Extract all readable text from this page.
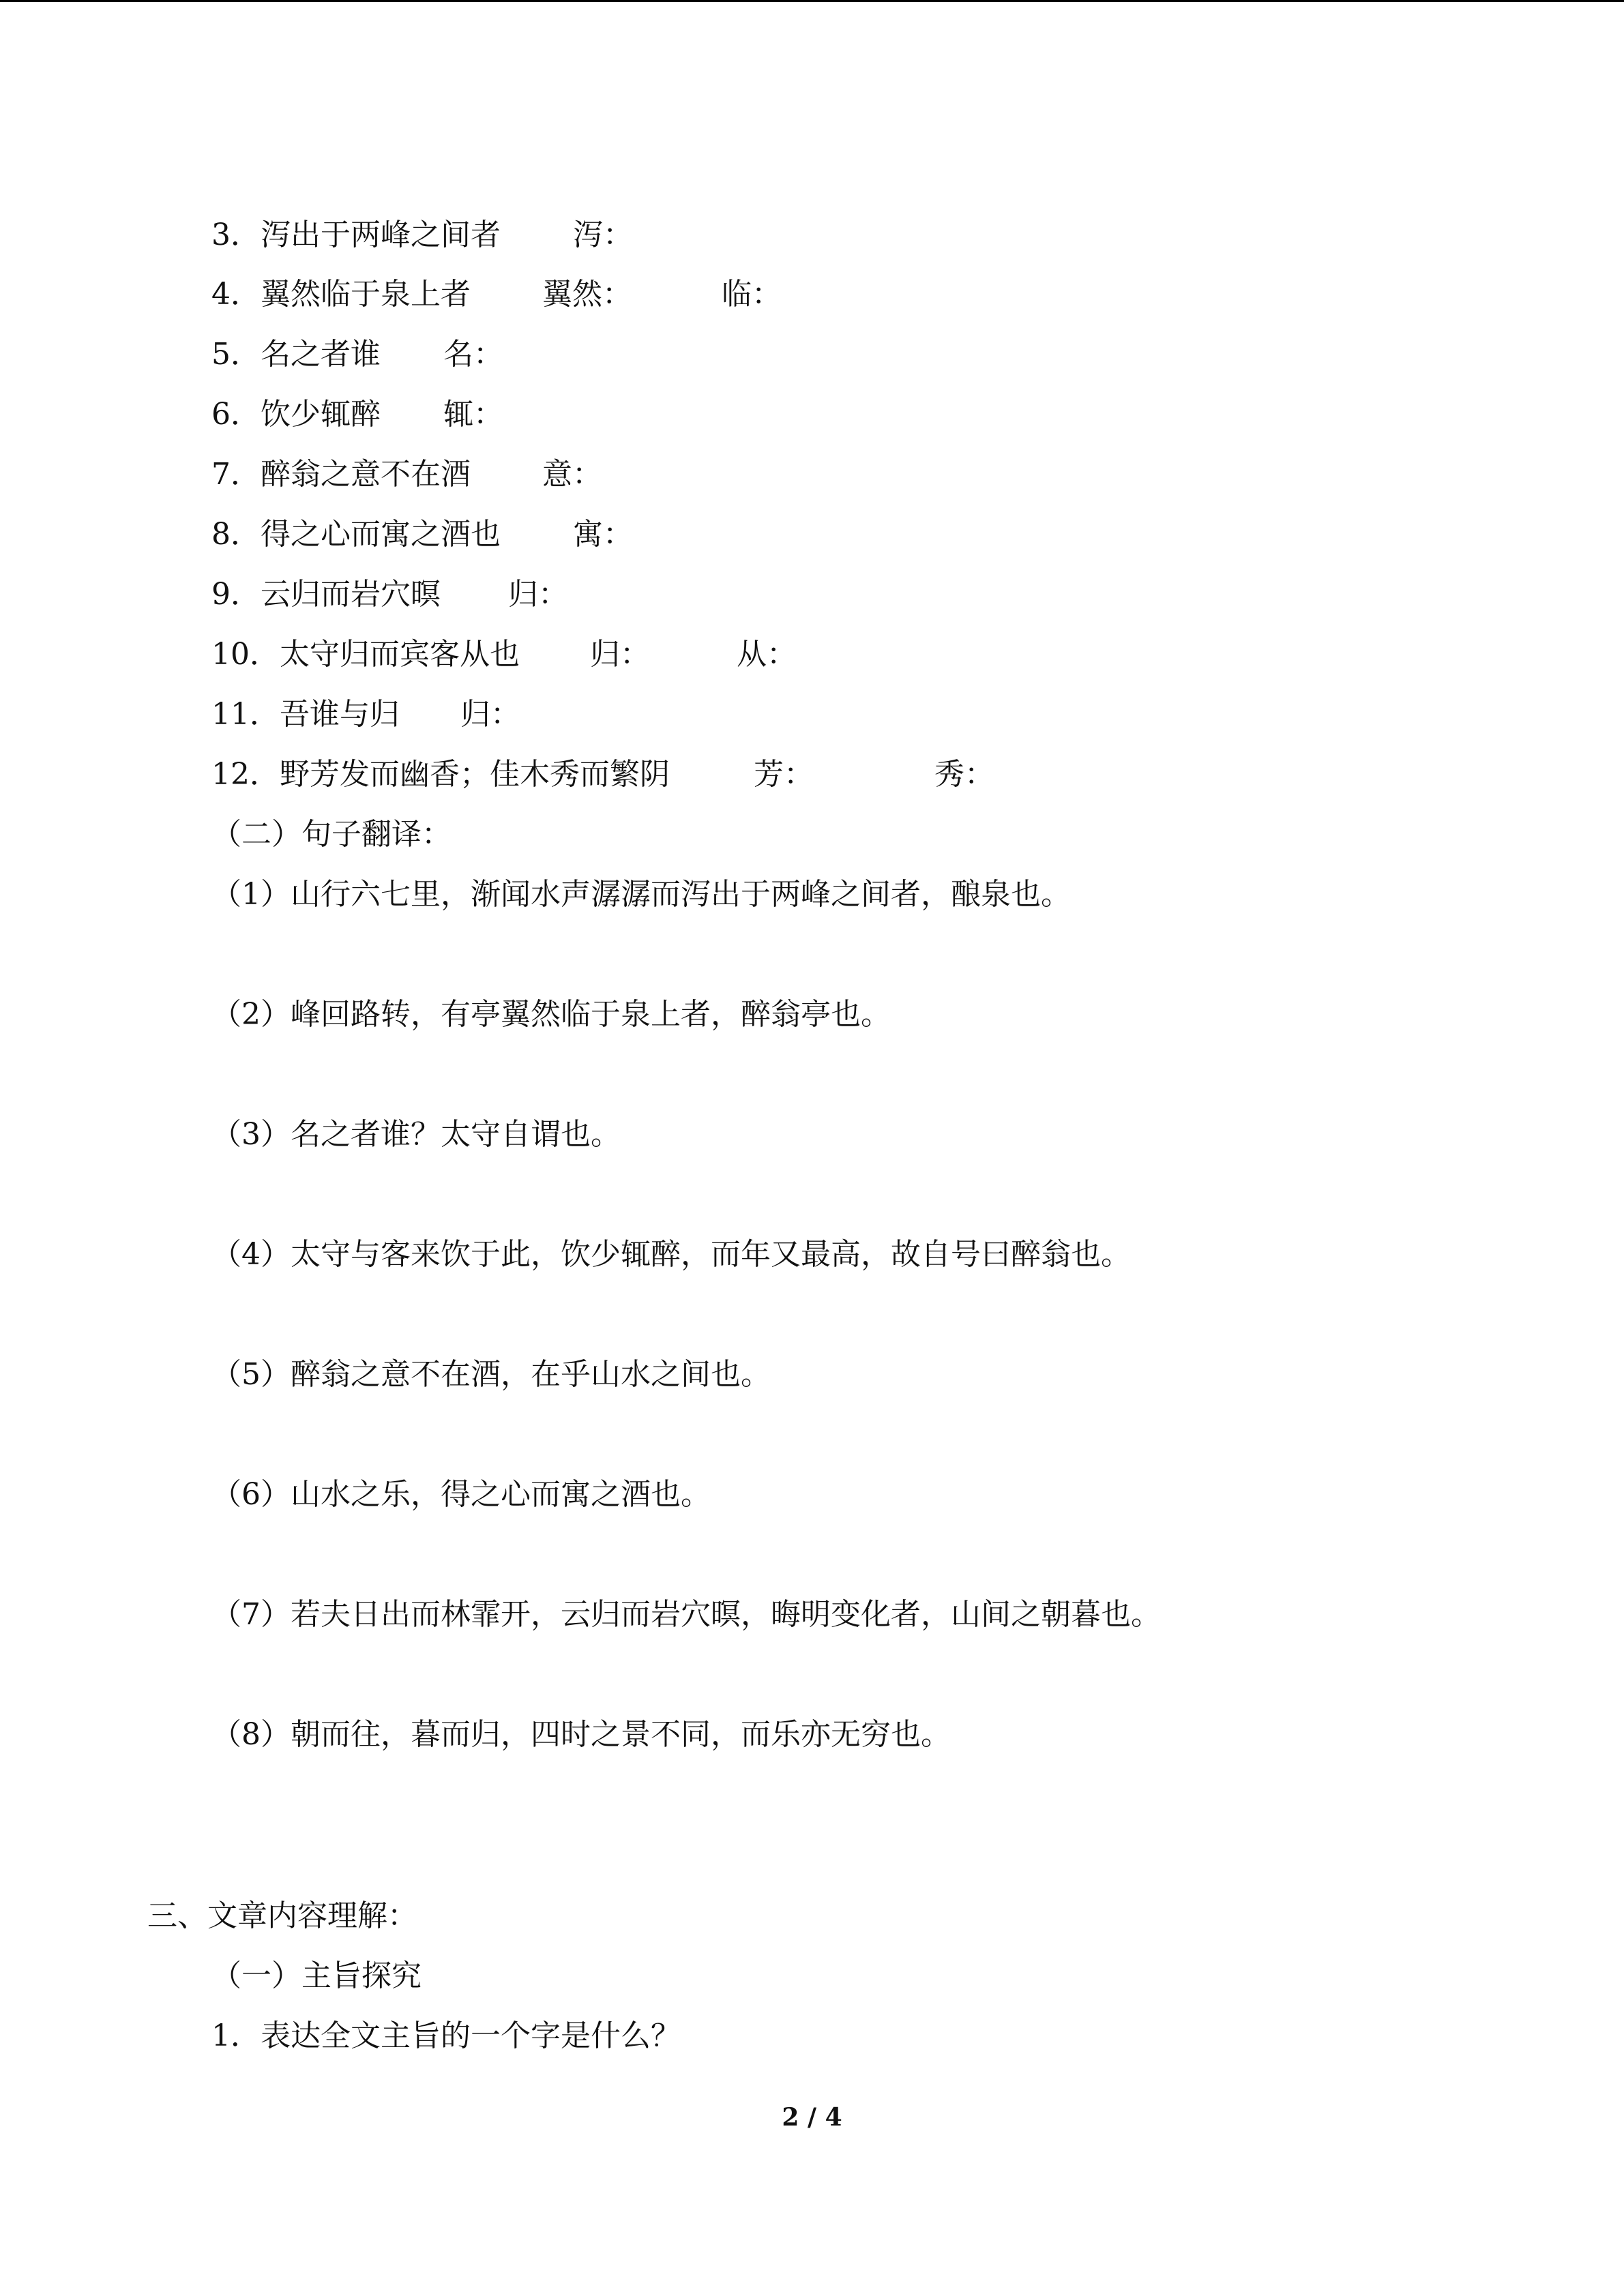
3．泻出于两峰之间者 泻：
4．翼然临于泉上者 翼然：	临：
5．名之者谁 名：
6．饮少辄醉 辄：
7．醉翁之意不在酒 意：
8．得之心而寓之酒也 寓：
9．云归而岩穴暝 归：
10．太守归而宾客从也 归：	从：
11．吾谁与归 归：
12．野芳发而幽香；佳木秀而繁阴	芳：	秀：
（二）句子翻译：
（1）山行六七里，渐闻水声潺潺而泻出于两峰之间者，酿泉也。
（2）峰回路转，有亭翼然临于泉上者，醉翁亭也。
（3）名之者谁？太守自谓也。
（4）太守与客来饮于此，饮少辄醉，而年又最高，故自号曰醉翁也。
（5）醉翁之意不在酒，在乎山水之间也。
（6）山水之乐，得之心而寓之酒也。
（7）若夫日出而林霏开，云归而岩穴暝，晦明变化者，山间之朝暮也。
（8）朝而往，暮而归，四时之景不同，而乐亦无穷也。
三、文章内容理解：
（一）主旨探究
1．表达全文主旨的一个字是什么？
2 / 4
